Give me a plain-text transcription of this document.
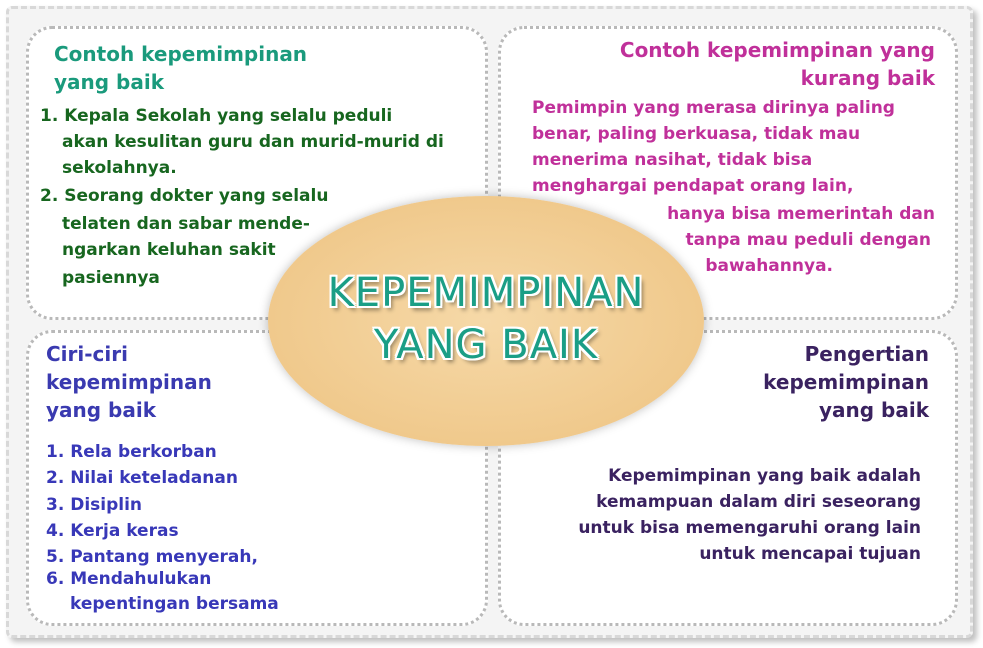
Contoh kepemimpinan
yang baik
1. Kepala Sekolah yang selalu peduli
akan kesulitan guru dan murid-murid di
sekolahnya.
2. Seorang dokter yang selalu
telaten dan sabar mende-
ngarkan keluhan sakit
pasiennya
Contoh kepemimpinan yang
kurang baik
Pemimpin yang merasa dirinya paling
benar, paling berkuasa, tidak mau
menerima nasihat, tidak bisa
menghargai pendapat orang lain,
hanya bisa memerintah dan
tanpa mau peduli dengan
bawahannya.
Ciri-ciri
kepemimpinan
yang baik
1. Rela berkorban
2. Nilai keteladanan
3. Disiplin
4. Kerja keras
5. Pantang menyerah,
6. Mendahulukan
kepentingan bersama
Pengertian
kepemimpinan
yang baik
Kepemimpinan yang baik adalah
kemampuan dalam diri seseorang
untuk bisa memengaruhi orang lain
untuk mencapai tujuan
KEPEMIMPINAN
YANG BAIK
